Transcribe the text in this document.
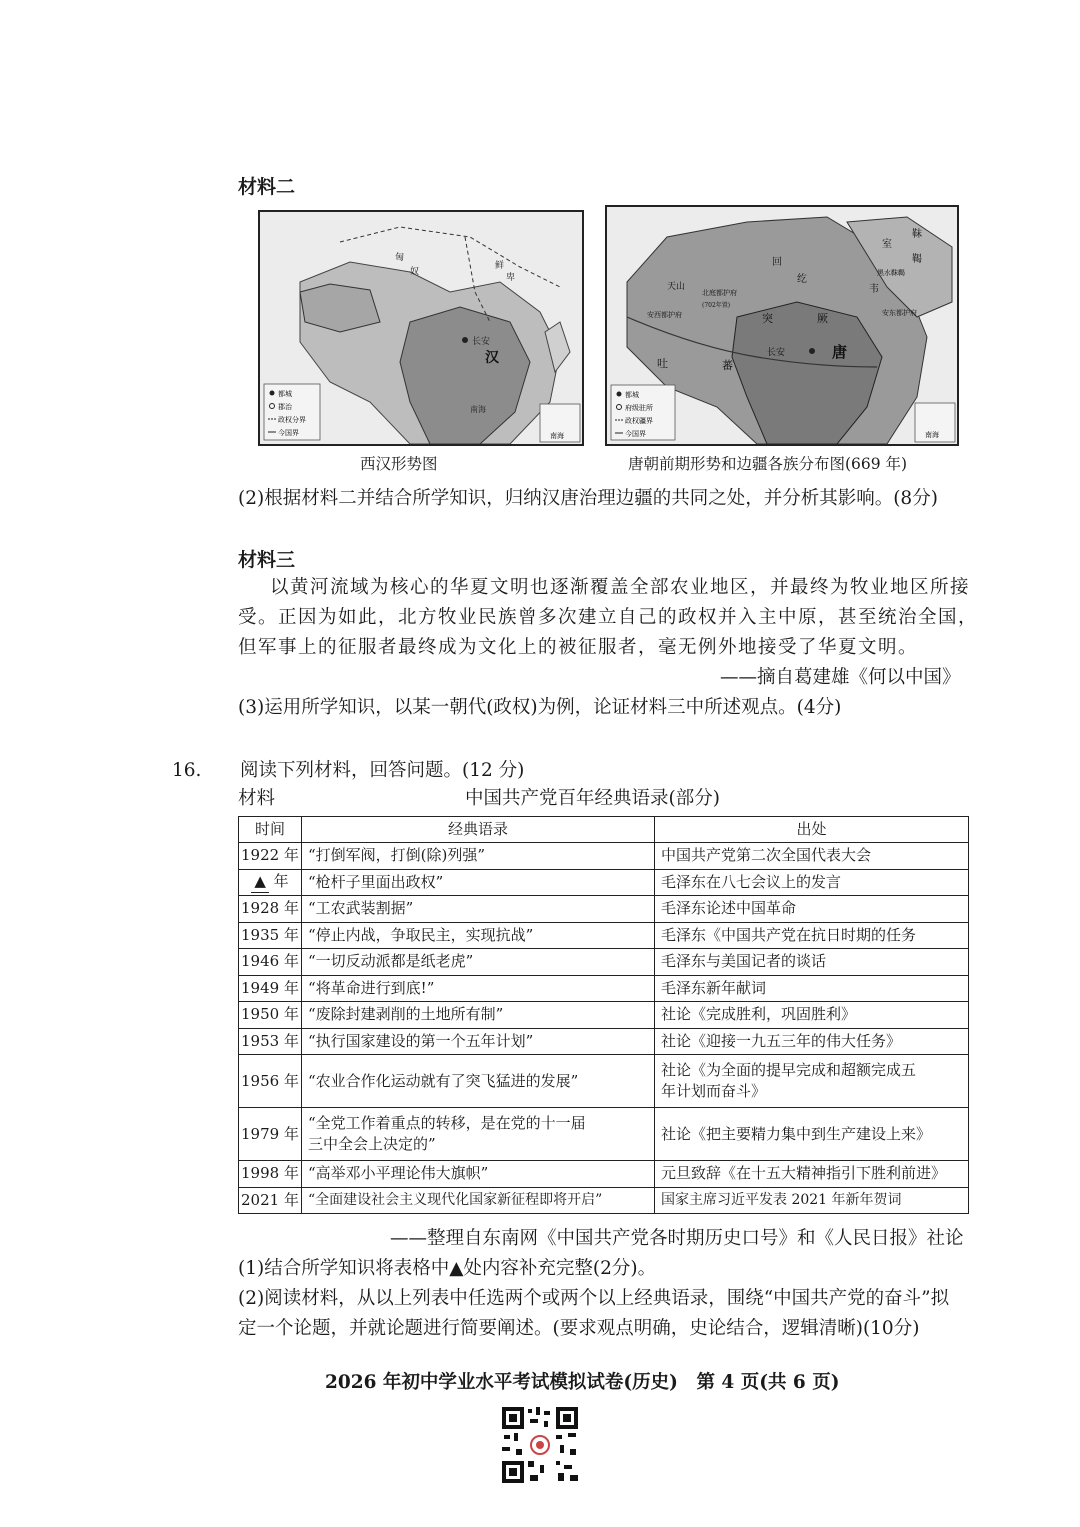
材料二
长安
鲜
卑
汉
南海
匈
奴
都城
郡治
政权分界
今国界	南海
室
韦
回
纥
天山
北庭都护府
安西都护府
(702年置)
突	厥
吐	蕃
长安	唐
安东都护府
黑水靺鞨
靺
鞨
都城
府级驻所
政权疆界
今国界	南海
西汉形势图	唐朝前期形势和边疆各族分布图(669 年)
(2)根据材料二并结合所学知识，归纳汉唐治理边疆的共同之处，并分析其影响。(8分)
材料三
以黄河流域为核心的华夏文明也逐渐覆盖全部农业地区，并最终为牧业地区所接
受。正因为如此，北方牧业民族曾多次建立自己的政权并入主中原，甚至统治全国，
但军事上的征服者最终成为文化上的被征服者，毫无例外地接受了华夏文明。
——摘自葛建雄《何以中国》
(3)运用所学知识，以某一朝代(政权)为例，论证材料三中所述观点。(4分)
16. 阅读下列材料，回答问题。(12 分)
材料	中国共产党百年经典语录(部分)
时间	经典语录	出处
1922 年	“打倒军阀，打倒(除)列强”	中国共产党第二次全国代表大会
▲ 年	“枪杆子里面出政权”	毛泽东在八七会议上的发言
1928 年	“工农武装割据”	毛泽东论述中国革命
1935 年	“停止内战，争取民主，实现抗战”	毛泽东《中国共产党在抗日时期的任务
1946 年	“一切反动派都是纸老虎”	毛泽东与美国记者的谈话
1949 年	“将革命进行到底!”	毛泽东新年献词
1950 年	“废除封建剥削的土地所有制”	社论《完成胜利，巩固胜利》
1953 年	“执行国家建设的第一个五年计划”	社论《迎接一九五三年的伟大任务》
1956 年	“农业合作化运动就有了突飞猛进的发展”	社论《为全面的提早完成和超额完成五
年计划而奋斗》

1979 年	“全党工作着重点的转移，是在党的十一届
三中全会上决定的”	社论《把主要精力集中到生产建设上来》
1998 年	“高举邓小平理论伟大旗帜”	元旦致辞《在十五大精神指引下胜利前进》
2021 年	“全面建设社会主义现代化国家新征程即将开启”	国家主席习近平发表 2021 年新年贺词
——整理自东南网《中国共产党各时期历史口号》和《人民日报》社论
(1)结合所学知识将表格中▲处内容补充完整(2分)。
(2)阅读材料，从以上列表中任选两个或两个以上经典语录，围绕“中国共产党的奋斗”拟
定一个论题，并就论题进行简要阐述。(要求观点明确，史论结合，逻辑清晰)(10分)
2026 年初中学业水平考试模拟试卷(历史)　第 4 页(共 6 页)
